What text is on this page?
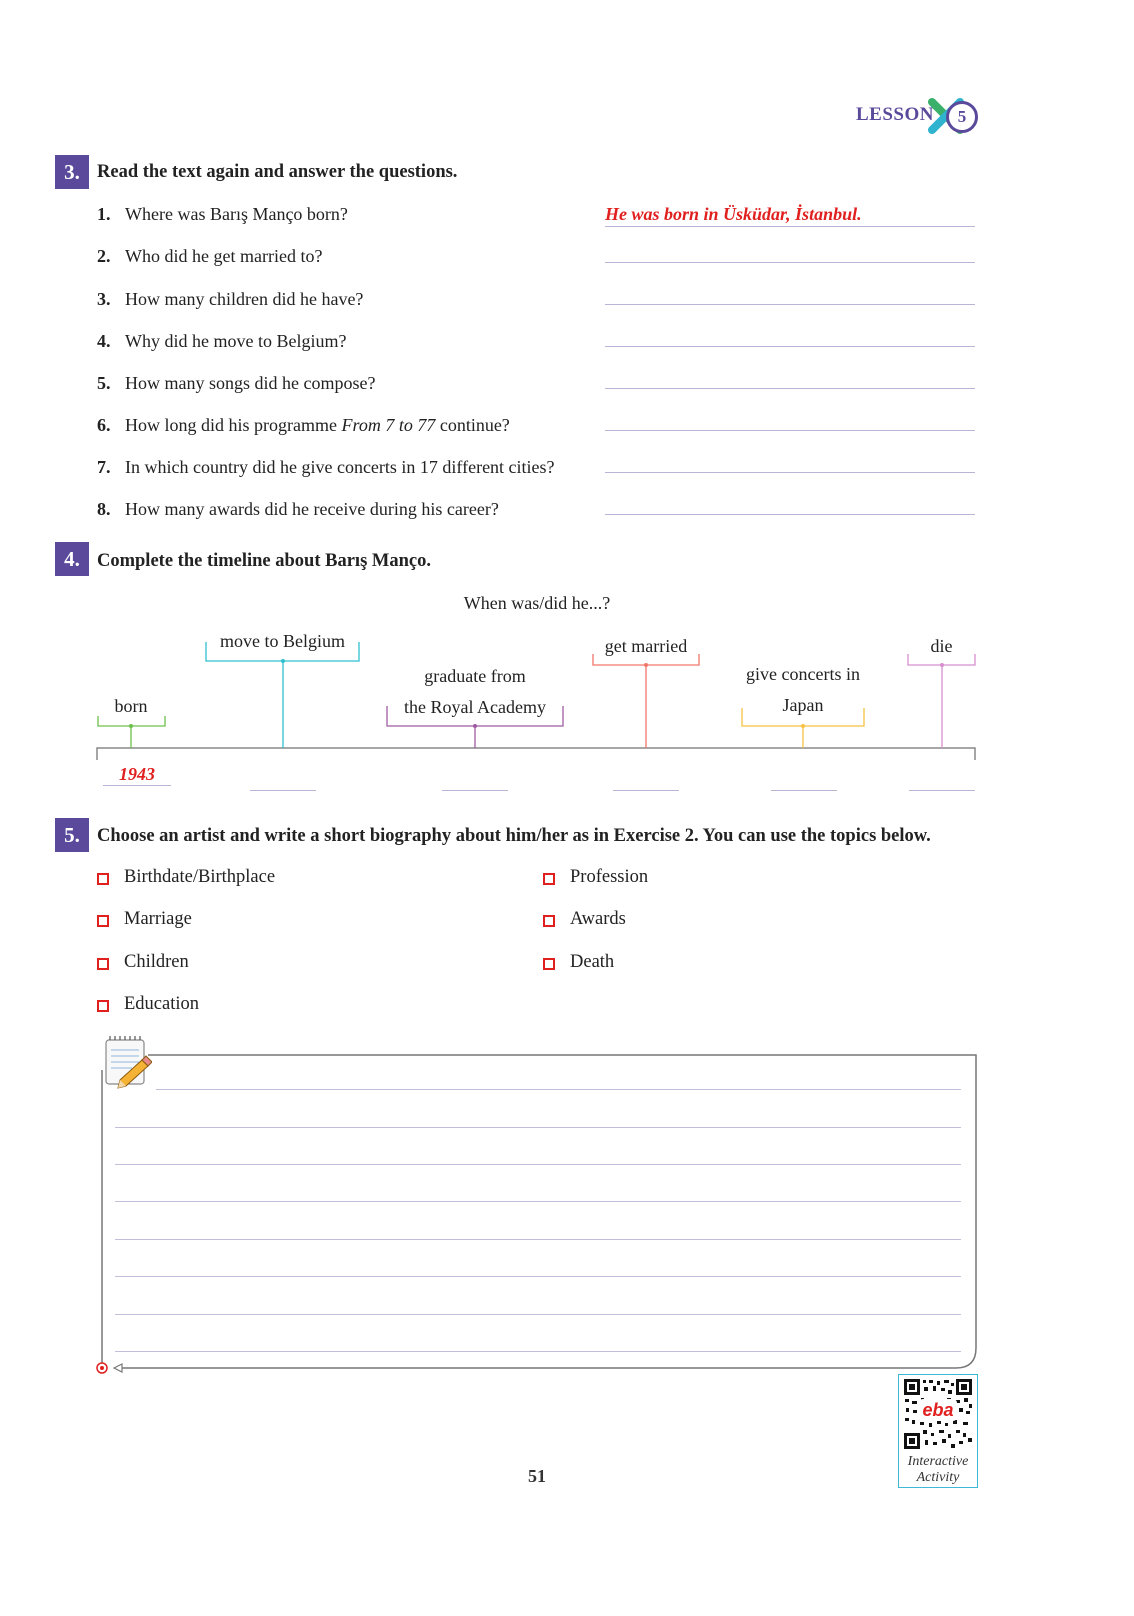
LESSON	5
3. Read the text again and answer the questions.
1. Where was Barış Manço born?	He was born in Üsküdar, İstanbul.
2. Who did he get married to?
3. How many children did he have?
4. Why did he move to Belgium?
5. How many songs did he compose?
6. How long did his programme From 7 to 77 continue?
7. In which country did he give concerts in 17 different cities?
8. How many awards did he receive during his career?
4. Complete the timeline about Barış Manço.
When was/did he...?
born
move to Belgium
graduate from
the Royal Academy
get married
give concerts in
Japan
die
1943
5. Choose an artist and write a short biography about him/her as in Exercise 2. You can use the topics below.
Birthdate/Birthplace
Marriage
Children
Education
Profession
Awards
Death
eba
Interactive
Activity
51
